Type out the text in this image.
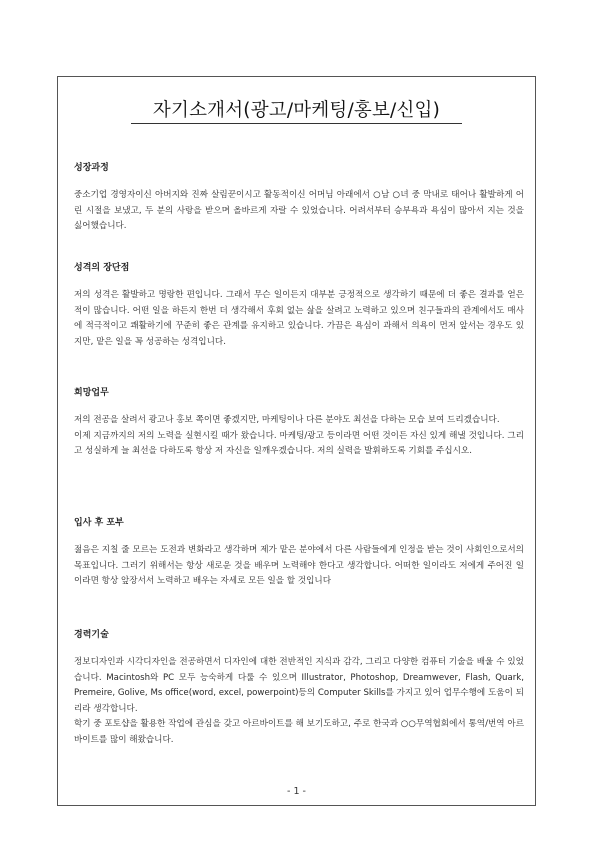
자기소개서(광고/마케팅/홍보/신입)
성장과정

중소기업 경영자이신 아버지와 진짜 살림꾼이시고 활동적이신 어머님 아래에서 ○남 ○녀 중 막내로 태어나 활발하게 어린 시절을 보냈고, 두 분의 사랑을 받으며 올바르게 자랄 수 있었습니다. 어려서부터 승부욕과 욕심이 많아서 지는 것을 싫어했습니다.

성격의 장단점

저의 성격은 활발하고 명랑한 편입니다. 그래서 무슨 일이든지 대부분 긍정적으로 생각하기 때문에 더 좋은 결과를 얻은 적이 많습니다. 어떤 일을 하든지 한번 더 생각해서 후회 없는 삶을 살려고 노력하고 있으며 친구들과의 관계에서도 매사에 적극적이고 쾌활하기에 꾸준히 좋은 관계를 유지하고 있습니다. 가끔은 욕심이 과해서 의욕이 먼저 앞서는 경우도 있지만, 맡은 일을 꼭 성공하는 성격입니다.

희망업무

저의 전공을 살려서 광고나 홍보 쪽이면 좋겠지만, 마케팅이나 다른 분야도 최선을 다하는 모습 보여 드리겠습니다.

이제 지금까지의 저의 노력을 실현시킬 때가 왔습니다. 마케팅/광고 등이라면 어떤 것이든 자신 있게 해낼 것입니다. 그리고 성실하게 늘 최선을 다하도록 항상 저 자신을 일깨우겠습니다. 저의 실력을 발휘하도록 기회를 주십시오.

입사 후 포부

젊음은 지칠 줄 모르는 도전과 변화라고 생각하며 제가 맡은 분야에서 다른 사람들에게 인정을 받는 것이 사회인으로서의 목표입니다. 그러기 위해서는 항상 새로운 것을 배우며 노력해야 한다고 생각합니다. 어떠한 일이라도 저에게 주어진 일이라면 항상 앞장서서 노력하고 배우는 자세로 모든 일을 할 것입니다

경력기술

정보디자인과 시각디자인을 전공하면서 디자인에 대한 전반적인 지식과 감각, 그리고 다양한 컴퓨터 기술을 배울 수 있었습니다. Macintosh와 PC 모두 능숙하게 다룰 수 있으며 Illustrator, Photoshop, Dreamwever, Flash, Quark, Premeire, Golive, Ms office(word, excel, powerpoint)등의 Computer Skills를 가지고 있어 업무수행에 도움이 되리라 생각합니다.

학기 중 포토샵을 활용한 작업에 관심을 갖고 아르바이트를 해 보기도하고, 주로 한국과 ○○무역협회에서 통역/번역 아르바이트를 많이 해왔습니다.

- 1 -
